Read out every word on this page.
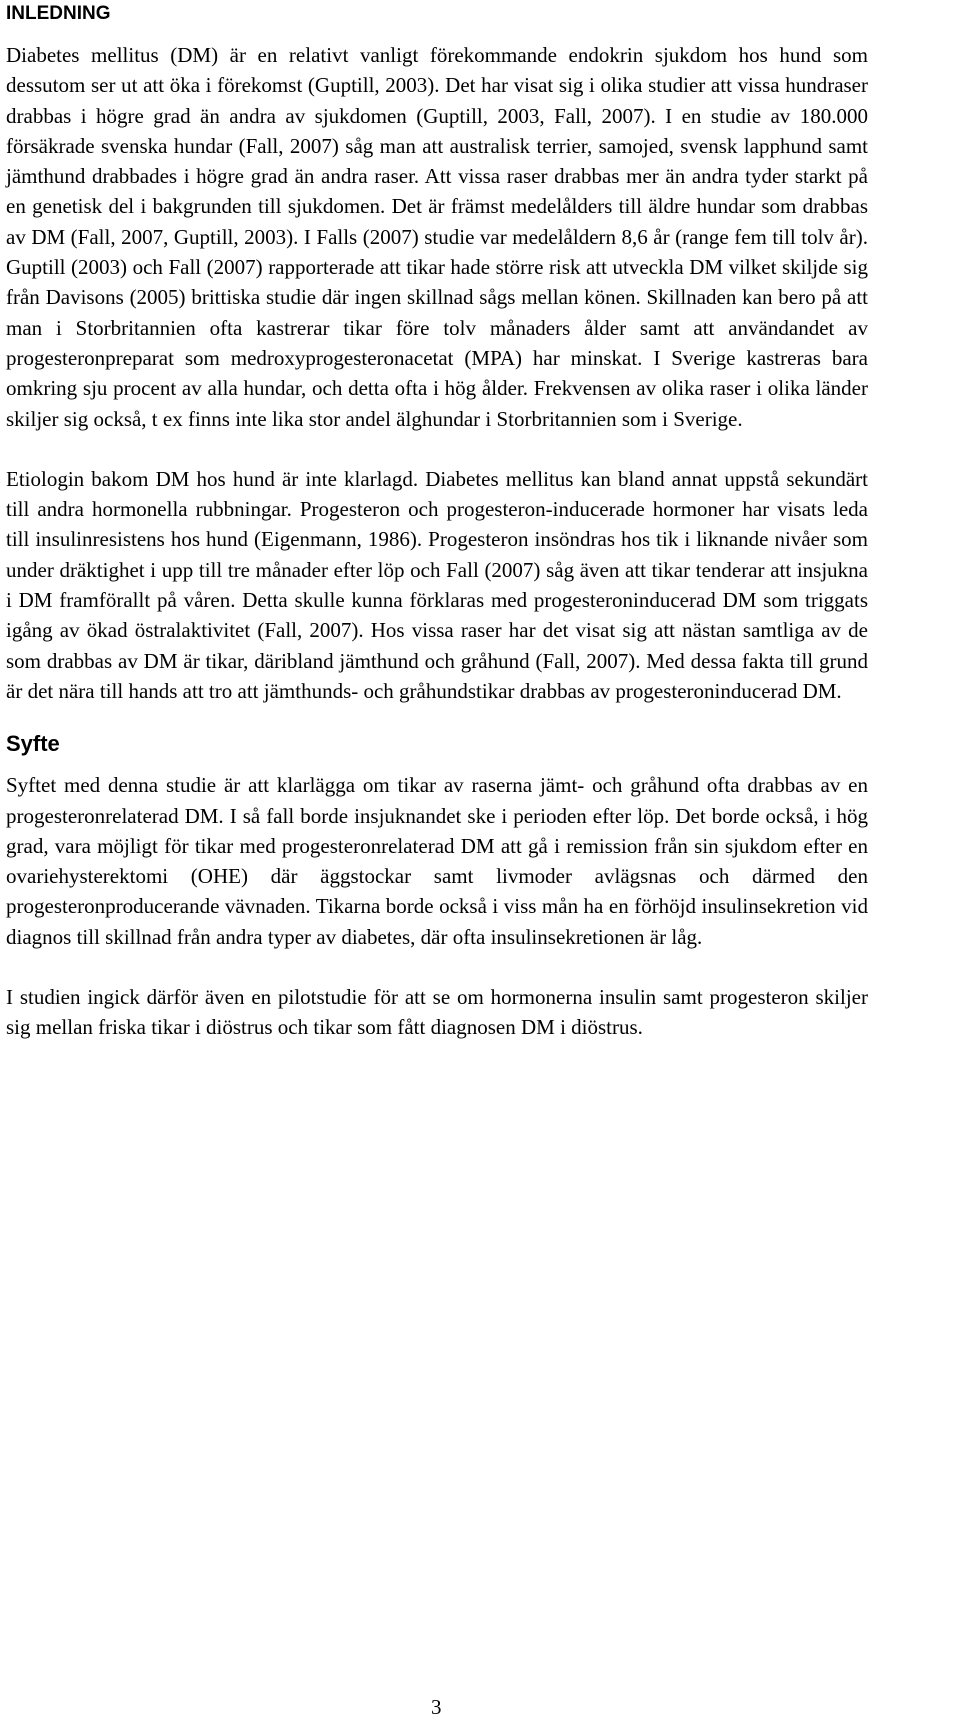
INLEDNING

Diabetes mellitus (DM) är en relativt vanligt förekommande endokrin sjukdom hos hund som dessutom ser ut att öka i förekomst (Guptill, 2003). Det har visat sig i olika studier att vissa hundraser drabbas i högre grad än andra av sjukdomen (Guptill, 2003, Fall, 2007). I en studie av 180.000 försäkrade svenska hundar (Fall, 2007) såg man att australisk terrier, samojed, svensk lapphund samt jämthund drabbades i högre grad än andra raser. Att vissa raser drabbas mer än andra tyder starkt på en genetisk del i bakgrunden till sjukdomen. Det är främst medelålders till äldre hundar som drabbas av DM (Fall, 2007, Guptill, 2003). I Falls (2007) studie var medelåldern 8,6 år (range fem till tolv år). Guptill (2003) och Fall (2007) rapporterade att tikar hade större risk att utveckla DM vilket skiljde sig från Davisons (2005) brittiska studie där ingen skillnad sågs mellan könen. Skillnaden kan bero på att man i Storbritannien ofta kastrerar tikar före tolv månaders ålder samt att användandet av progesteronpreparat som medroxyprogesteronacetat (MPA) har minskat. I Sverige kastreras bara omkring sju procent av alla hundar, och detta ofta i hög ålder. Frekvensen av olika raser i olika länder skiljer sig också, t ex finns inte lika stor andel älghundar i Storbritannien som i Sverige.

Etiologin bakom DM hos hund är inte klarlagd. Diabetes mellitus kan bland annat uppstå sekundärt till andra hormonella rubbningar. Progesteron och progesteron-inducerade hormoner har visats leda till insulinresistens hos hund (Eigenmann, 1986). Progesteron insöndras hos tik i liknande nivåer som under dräktighet i upp till tre månader efter löp och Fall (2007) såg även att tikar tenderar att insjukna i DM framförallt på våren. Detta skulle kunna förklaras med progesteroninducerad DM som triggats igång av ökad östralaktivitet (Fall, 2007). Hos vissa raser har det visat sig att nästan samtliga av de som drabbas av DM är tikar, däribland jämthund och gråhund (Fall, 2007). Med dessa fakta till grund är det nära till hands att tro att jämthunds- och gråhundstikar drabbas av progesteroninducerad DM.

Syfte

Syftet med denna studie är att klarlägga om tikar av raserna jämt- och gråhund ofta drabbas av en progesteronrelaterad DM. I så fall borde insjuknandet ske i perioden efter löp. Det borde också, i hög grad, vara möjligt för tikar med progesteronrelaterad DM att gå i remission från sin sjukdom efter en ovariehysterektomi (OHE) där äggstockar samt livmoder avlägsnas och därmed den progesteronproducerande vävnaden. Tikarna borde också i viss mån ha en förhöjd insulinsekretion vid diagnos till skillnad från andra typer av diabetes, där ofta insulinsekretionen är låg.

I studien ingick därför även en pilotstudie för att se om hormonerna insulin samt progesteron skiljer sig mellan friska tikar i diöstrus och tikar som fått diagnosen DM i diöstrus.

3
